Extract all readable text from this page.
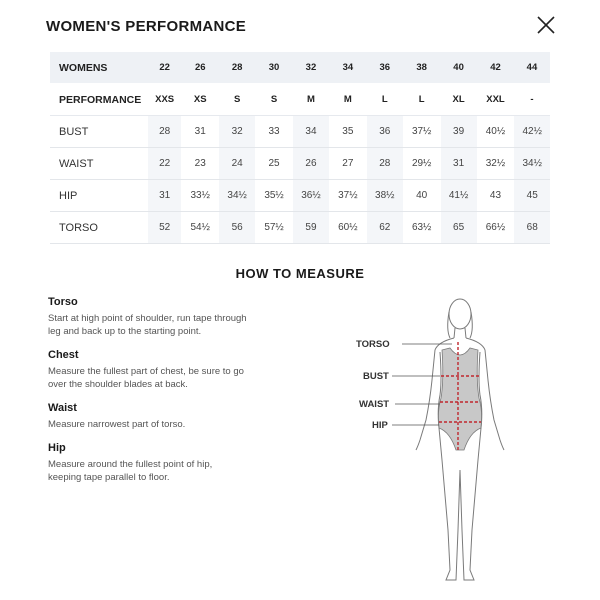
WOMEN'S PERFORMANCE
WOMENS	22	26	28	30	32	34	36	38	40	42	44
PERFORMANCE	XXS	XS	S	S	M	M	L	L	XL	XXL	-
BUST	28	31	32	33	34	35	36	37½	39	40½	42½
WAIST	22	23	24	25	26	27	28	29½	31	32½	34½
HIP	31	33½	34½	35½	36½	37½	38½	40	41½	43	45
TORSO	52	54½	56	57½	59	60½	62	63½	65	66½	68
HOW TO MEASURE
Torso

Start at high point of shoulder, run tape through leg and back up to the starting point.

Chest

Measure the fullest part of chest, be sure to go over the shoulder blades at back.

Waist

Measure narrowest part of torso.

Hip

Measure around the fullest point of hip, keeping tape parallel to floor.

TORSO
BUST
WAIST
HIP
